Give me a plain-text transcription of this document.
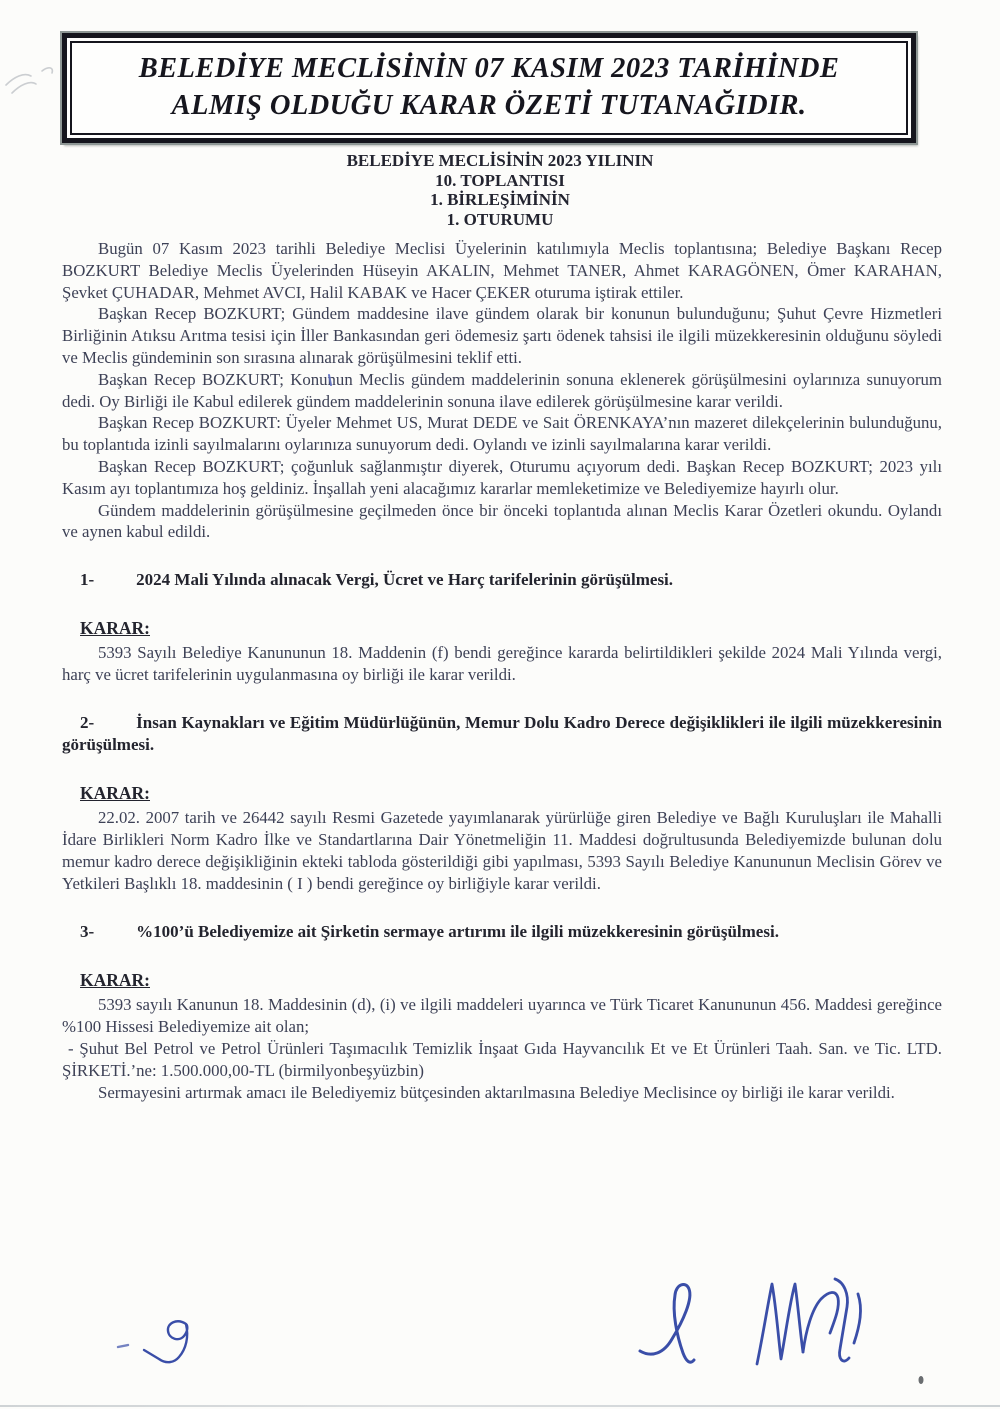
BELEDİYE MECLİSİNİN 07 KASIM 2023 TARİHİNDE
ALMIŞ OLDUĞU KARAR ÖZETİ TUTANAĞIDIR.

BELEDİYE MECLİSİNİN 2023 YILININ

10. TOPLANTISI

1. BİRLEŞİMİNİN

1. OTURUMU

Bugün 07 Kasım 2023 tarihli Belediye Meclisi Üyelerinin katılımıyla Meclis toplantısına; Belediye Başkanı Recep BOZKURT Belediye Meclis Üyelerinden Hüseyin AKALIN, Mehmet TANER, Ahmet KARAGÖNEN, Ömer KARAHAN, Şevket ÇUHADAR, Mehmet AVCI, Halil KABAK ve Hacer ÇEKER oturuma iştirak ettiler.

Başkan Recep BOZKURT; Gündem maddesine ilave gündem olarak bir konunun bulunduğunu; Şuhut Çevre Hizmetleri Birliğinin Atıksu Arıtma tesisi için İller Bankasından geri ödemesiz şartı ödenek tahsisi ile ilgili müzekkeresinin olduğunu söyledi ve Meclis gündeminin son sırasına alınarak görüşülmesini teklif etti.

Başkan Recep BOZKURT; Konunun Meclis gündem maddelerinin sonuna eklenerek görüşülmesini oylarınıza sunuyorum dedi. Oy Birliği ile Kabul edilerek gündem maddelerinin sonuna ilave edilerek görüşülmesine karar verildi.

Başkan Recep BOZKURT: Üyeler Mehmet US, Murat DEDE ve Sait ÖRENKAYA’nın mazeret dilekçelerinin bulunduğunu, bu toplantıda izinli sayılmalarını oylarınıza sunuyorum dedi. Oylandı ve izinli sayılmalarına karar verildi.

Başkan Recep BOZKURT; çoğunluk sağlanmıştır diyerek, Oturumu açıyorum dedi. Başkan Recep BOZKURT; 2023 yılı Kasım ayı toplantımıza hoş geldiniz. İnşallah yeni alacağımız kararlar memleketimize ve Belediyemize hayırlı olur.

Gündem maddelerinin görüşülmesine geçilmeden önce bir önceki toplantıda alınan Meclis Karar Özetleri okundu. Oylandı ve aynen kabul edildi.

1- 2024 Mali Yılında alınacak Vergi, Ücret ve Harç tarifelerinin görüşülmesi.

KARAR:

5393 Sayılı Belediye Kanununun 18. Maddenin (f) bendi gereğince kararda belirtildikleri şekilde 2024 Mali Yılında vergi, harç ve ücret tarifelerinin uygulanmasına oy birliği ile karar verildi.

2- İnsan Kaynakları ve Eğitim Müdürlüğünün, Memur Dolu Kadro Derece değişiklikleri ile ilgili müzekkeresinin görüşülmesi.

KARAR:

22.02. 2007 tarih ve 26442 sayılı Resmi Gazetede yayımlanarak yürürlüğe giren Belediye ve Bağlı Kuruluşları ile Mahalli İdare Birlikleri Norm Kadro İlke ve Standartlarına Dair Yönetmeliğin 11. Maddesi doğrultusunda Belediyemizde bulunan dolu memur kadro derece değişikliğinin ekteki tabloda gösterildiği gibi yapılması, 5393 Sayılı Belediye Kanununun Meclisin Görev ve Yetkileri Başlıklı 18. maddesinin ( I ) bendi gereğince oy birliğiyle karar verildi.

3- %100’ü Belediyemize ait Şirketin sermaye artırımı ile ilgili müzekkeresinin görüşülmesi.

KARAR:

5393 sayılı Kanunun 18. Maddesinin (d), (i) ve ilgili maddeleri uyarınca ve Türk Ticaret Kanununun 456. Maddesi gereğince %100 Hissesi Belediyemize ait olan;

- Şuhut Bel Petrol ve Petrol Ürünleri Taşımacılık Temizlik İnşaat Gıda Hayvancılık Et ve Et Ürünleri Taah. San. ve Tic. LTD. ŞİRKETİ.’ne: 1.500.000,00-TL (birmilyonbeşyüzbin)

Sermayesini artırmak amacı ile Belediyemiz bütçesinden aktarılmasına Belediye Meclisince oy birliği ile karar verildi.
